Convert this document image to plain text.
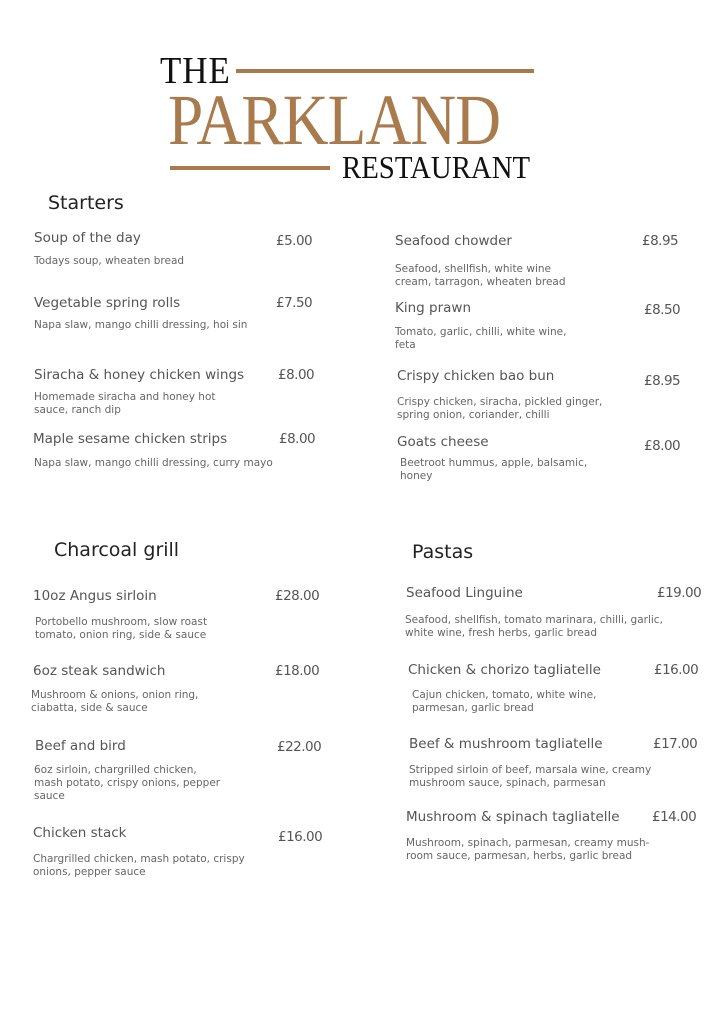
THE
PARKLAND
RESTAURANT
Starters
Soup of the day	£5.00
Todays soup, wheaten bread
Vegetable spring rolls	£7.50
Napa slaw, mango chilli dressing, hoi sin
Siracha & honey chicken wings	£8.00
Homemade siracha and honey hot
sauce, ranch dip
Maple sesame chicken strips	£8.00
Napa slaw, mango chilli dressing, curry mayo
Seafood chowder	£8.95
Seafood, shellfish, white wine
cream, tarragon, wheaten bread
King prawn	£8.50
Tomato, garlic, chilli, white wine,
feta
Crispy chicken bao bun	£8.95
Crispy chicken, siracha, pickled ginger,
spring onion, coriander, chilli
Goats cheese	£8.00
Beetroot hummus, apple, balsamic,
honey
Charcoal grill
10oz Angus sirloin	£28.00
Portobello mushroom, slow roast
tomato, onion ring, side & sauce
6oz steak sandwich	£18.00
Mushroom & onions, onion ring,
ciabatta, side & sauce
Beef and bird	£22.00
6oz sirloin, chargrilled chicken,
mash potato, crispy onions, pepper
sauce
Chicken stack	£16.00
Chargrilled chicken, mash potato, crispy
onions, pepper sauce
Pastas
Seafood Linguine	£19.00
Seafood, shellfish, tomato marinara, chilli, garlic,
white wine, fresh herbs, garlic bread
Chicken & chorizo tagliatelle	£16.00
Cajun chicken, tomato, white wine,
parmesan, garlic bread
Beef & mushroom tagliatelle	£17.00
Stripped sirloin of beef, marsala wine, creamy
mushroom sauce, spinach, parmesan
Mushroom & spinach tagliatelle £14.00
Mushroom, spinach, parmesan, creamy mush-
room sauce, parmesan, herbs, garlic bread
